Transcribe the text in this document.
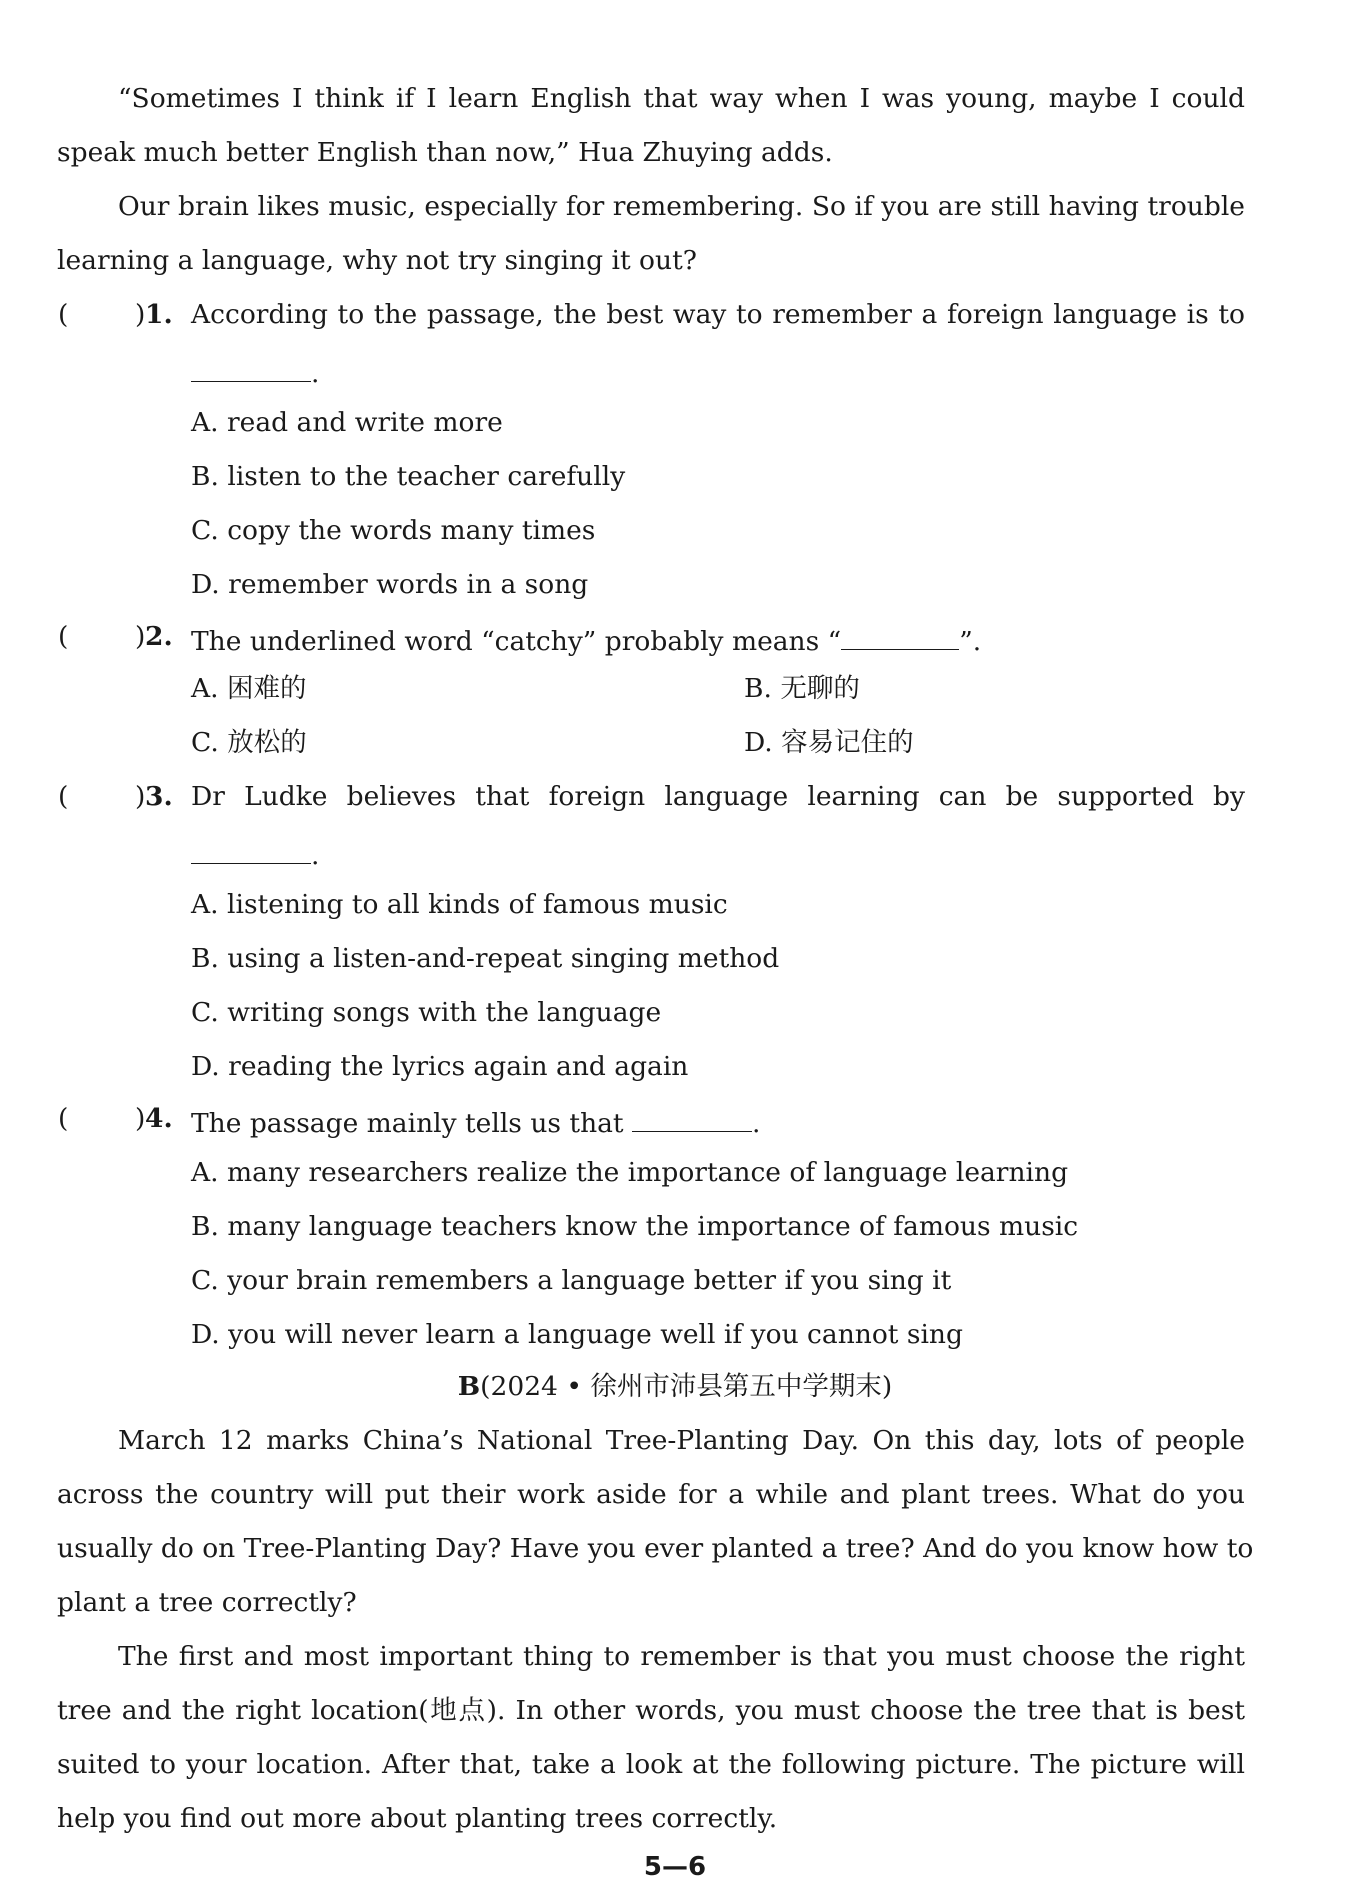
“Sometimes I think if I learn English that way when I was young, maybe I could
speak much better English than now,” Hua Zhuying adds.
Our brain likes music, especially for remembering. So if you are still having trouble
learning a language, why not try singing it out?
(	) 1. According to the passage, the best way to remember a foreign language is to
.
A. read and write more
B. listen to the teacher carefully
C. copy the words many times
D. remember words in a song
(	) 2. The underlined word “catchy” probably means “	”.
A. 困难的	B. 无聊的
C. 放松的	D. 容易记住的
(	) 3. Dr Ludke believes that foreign language learning can be supported by
.
A. listening to all kinds of famous music
B. using a listen-and-repeat singing method
C. writing songs with the language
D. reading the lyrics again and again
(	) 4. The passage mainly tells us that	.
A. many researchers realize the importance of language learning
B. many language teachers know the importance of famous music
C. your brain remembers a language better if you sing it
D. you will never learn a language well if you cannot sing
B(2024 • 徐州市沛县第五中学期末)
March 12 marks China’s National Tree-Planting Day. On this day, lots of people
across the country will put their work aside for a while and plant trees. What do you
usually do on Tree-Planting Day? Have you ever planted a tree? And do you know how to
plant a tree correctly?
The first and most important thing to remember is that you must choose the right
tree and the right location(地点). In other words, you must choose the tree that is best
suited to your location. After that, take a look at the following picture. The picture will
help you find out more about planting trees correctly.
5—6
